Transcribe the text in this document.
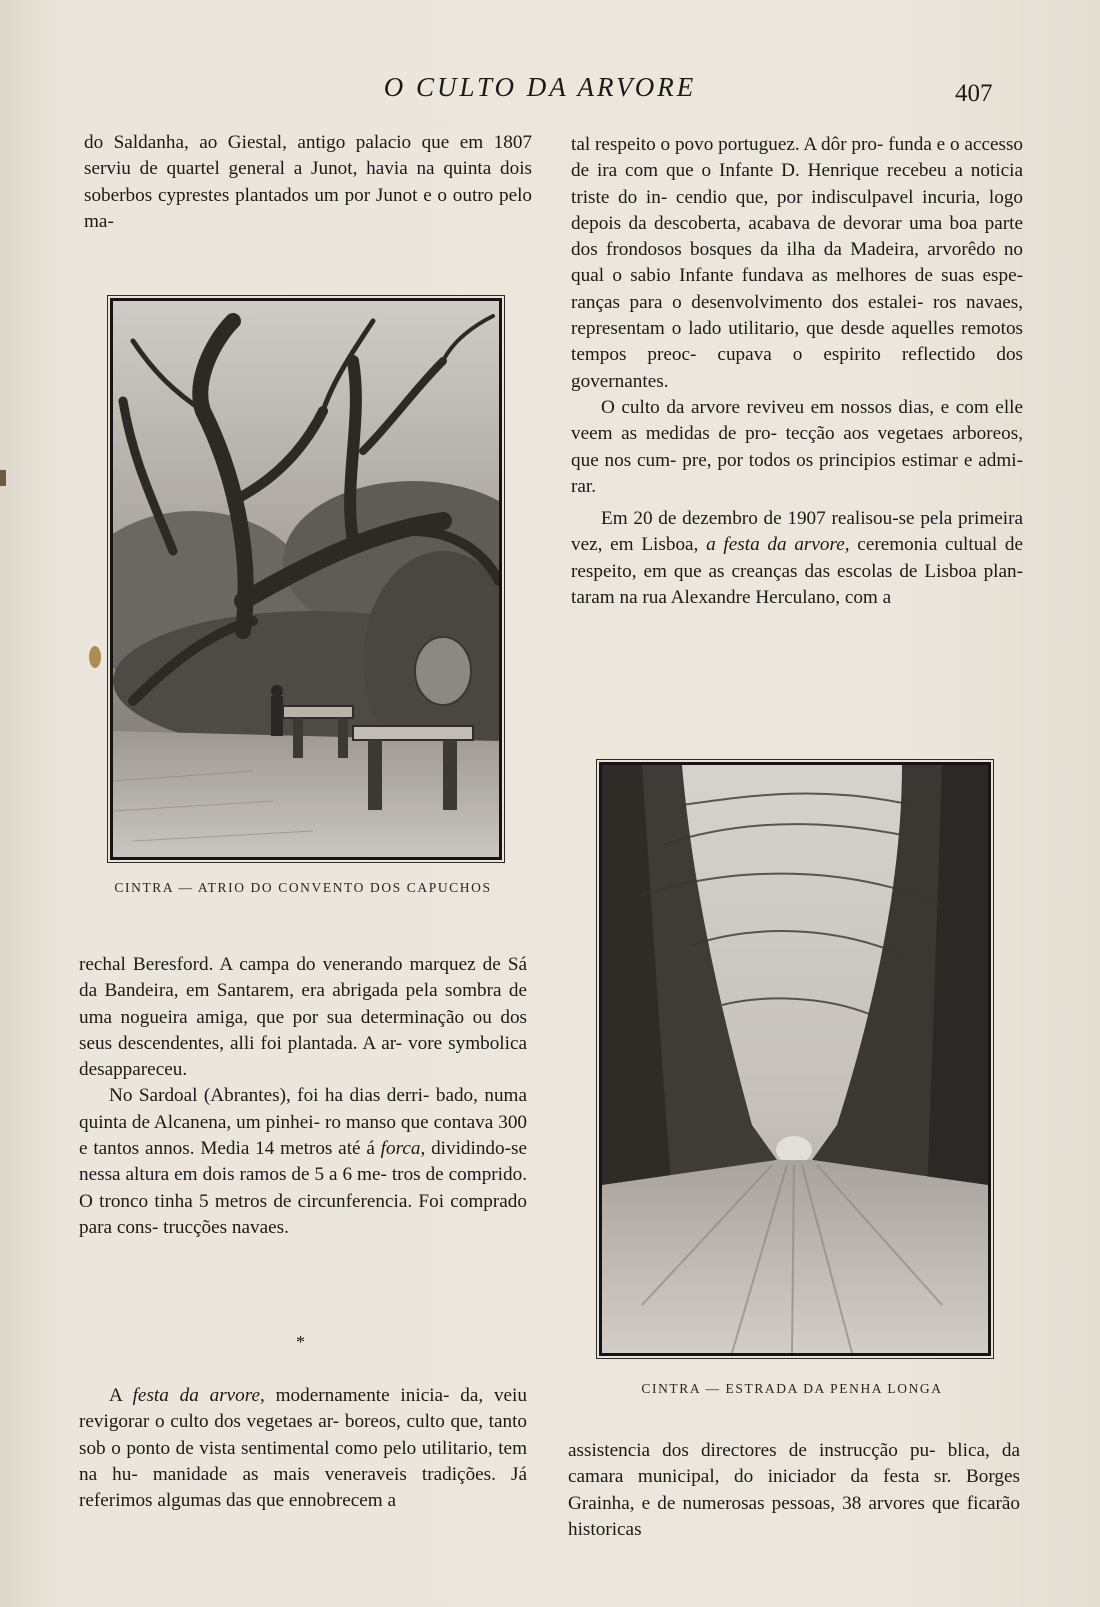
O CULTO DA ARVORE	407

do Saldanha, ao Giestal, antigo palacio que em 1807 serviu de quartel general a Junot, havia na quinta dois soberbos cyprestes plantados um por Junot e o outro pelo ma-

CINTRA — ATRIO DO CONVENTO DOS CAPUCHOS

rechal Beresford. A campa do venerando marquez de Sá da Bandeira, em Santarem, era abrigada pela sombra de uma nogueira amiga, que por sua determinação ou dos seus descendentes, alli foi plantada. A ar- vore symbolica desappareceu.

No Sardoal (Abrantes), foi ha dias derri- bado, numa quinta de Alcanena, um pinhei- ro manso que contava 300 e tantos annos. Media 14 metros até á forca, dividindo-se nessa altura em dois ramos de 5 a 6 me- tros de comprido. O tronco tinha 5 metros de circunferencia. Foi comprado para cons- trucções navaes.

*

A festa da arvore, modernamente inicia- da, veiu revigorar o culto dos vegetaes ar- boreos, culto que, tanto sob o ponto de vista sentimental como pelo utilitario, tem na hu- manidade as mais veneraveis tradições. Já referimos algumas das que ennobrecem a

tal respeito o povo portuguez. A dôr pro- funda e o accesso de ira com que o Infante D. Henrique recebeu a noticia triste do in- cendio que, por indisculpavel incuria, logo depois da descoberta, acabava de devorar uma boa parte dos frondosos bosques da ilha da Madeira, arvorêdo no qual o sabio Infante fundava as melhores de suas espe- ranças para o desenvolvimento dos estalei- ros navaes, representam o lado utilitario, que desde aquelles remotos tempos preoc- cupava o espirito reflectido dos governantes.

O culto da arvore reviveu em nossos dias, e com elle veem as medidas de pro- tecção aos vegetaes arboreos, que nos cum- pre, por todos os principios estimar e admi- rar.

Em 20 de dezembro de 1907 realisou-se pela primeira vez, em Lisboa, a festa da arvore, ceremonia cultual de respeito, em que as creanças das escolas de Lisboa plan- taram na rua Alexandre Herculano, com a

CINTRA — ESTRADA DA PENHA LONGA

assistencia dos directores de instrucção pu- blica, da camara municipal, do iniciador da festa sr. Borges Grainha, e de numerosas pessoas, 38 arvores que ficarão historicas
